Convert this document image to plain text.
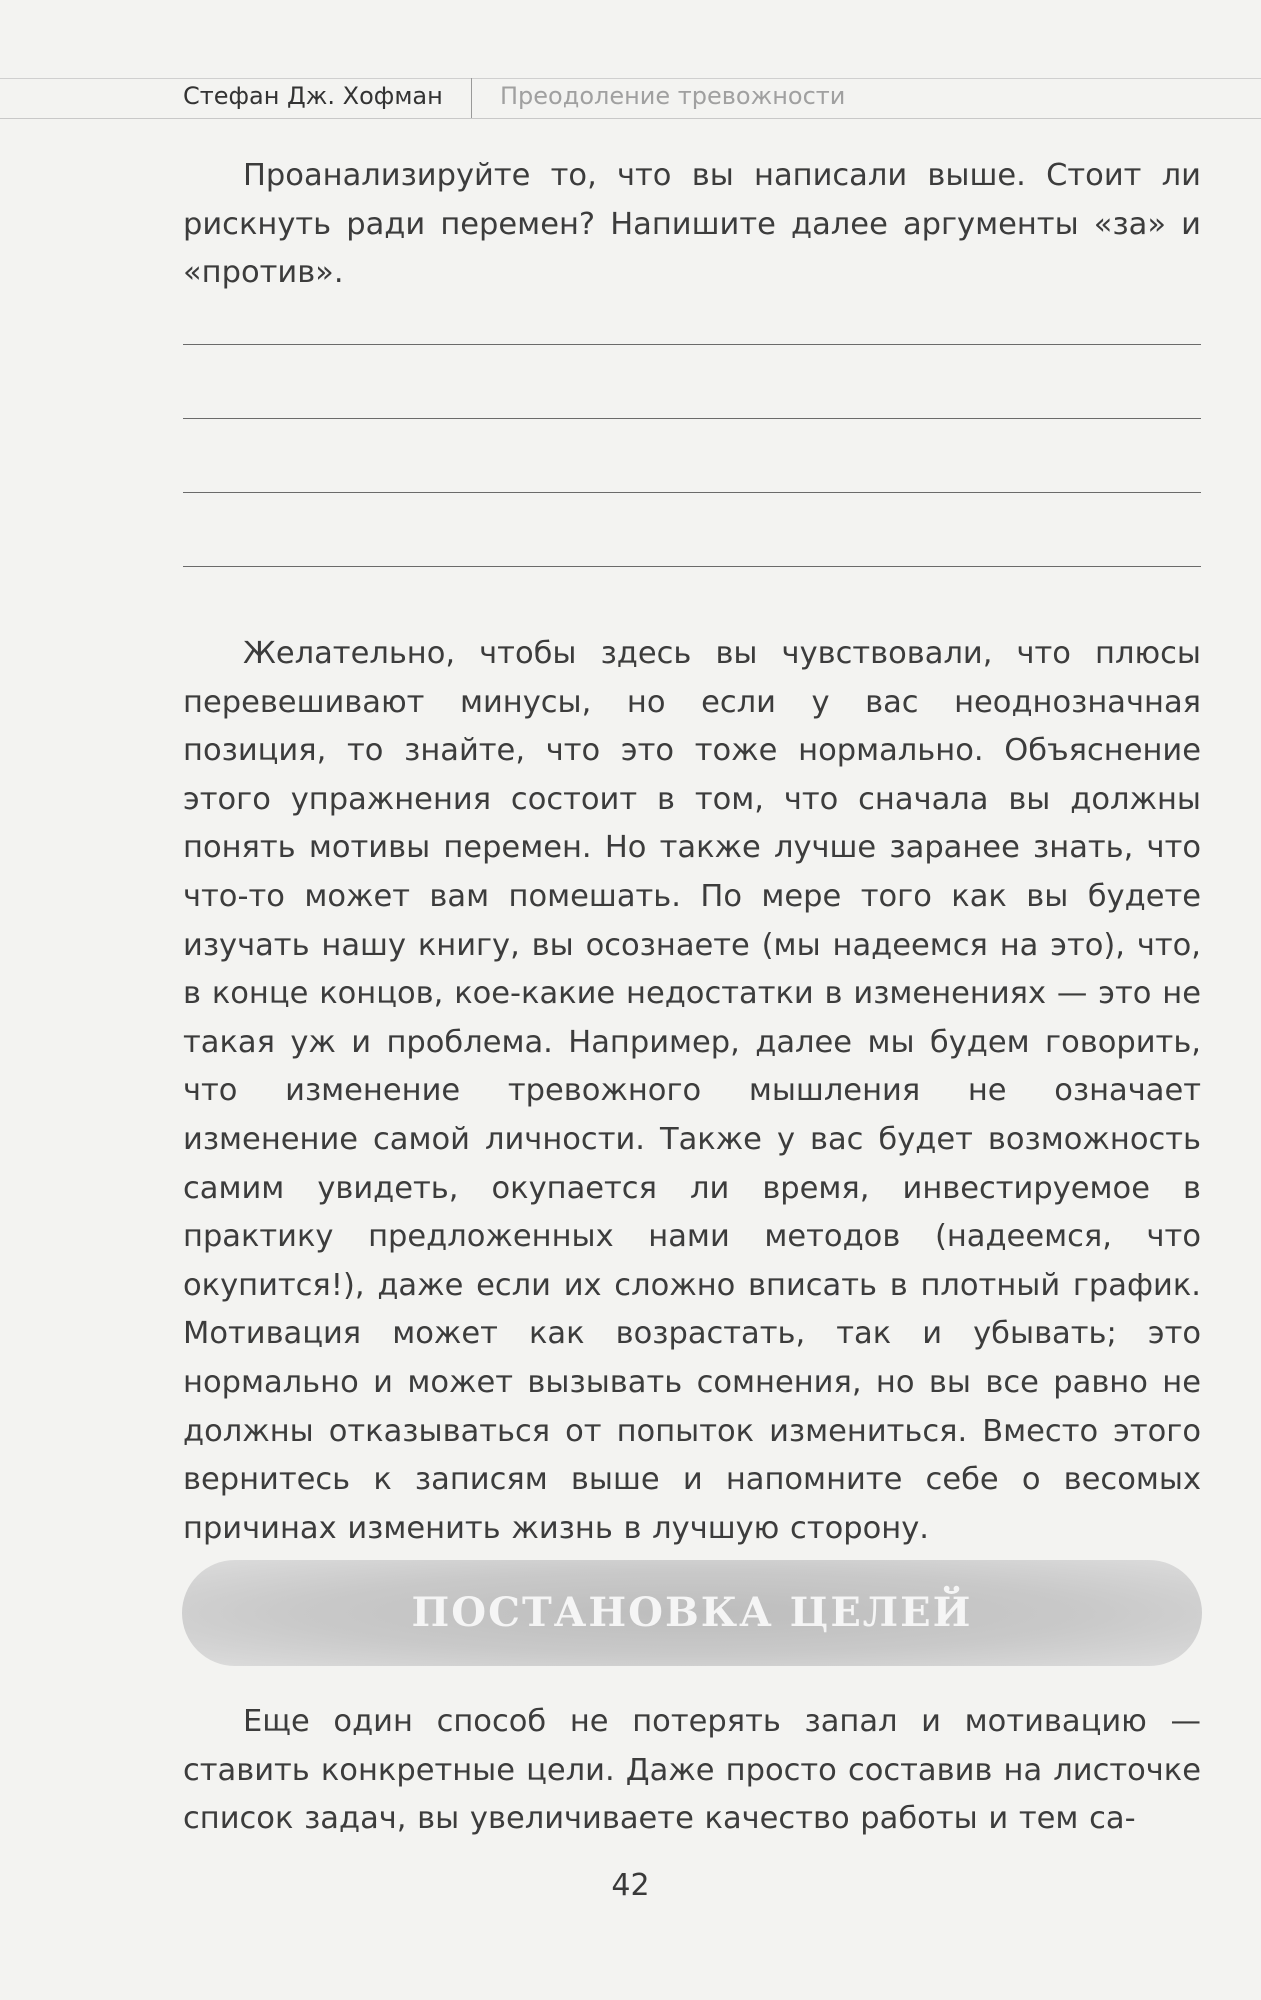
Стефан Дж. Хофман Преодоление тревожности

Проанализируйте то, что вы написали выше. Стоит ли рискнуть ради перемен? Напишите далее аргументы «за» и «против».

Желательно, чтобы здесь вы чувствовали, что плюсы перевешивают минусы, но если у вас неоднозначная позиция, то знайте, что это тоже нормально. Объяснение этого упражнения состоит в том, что сначала вы должны понять мотивы перемен. Но также лучше заранее знать, что что-то может вам помешать. По мере того как вы будете изучать нашу книгу, вы осознаете (мы надеемся на это), что, в конце концов, кое-какие недостатки в изменениях — это не такая уж и проблема. Например, далее мы будем говорить, что изменение тревожного мышления не означает изменение самой личности. Также у вас будет возможность самим увидеть, окупается ли время, инвестируемое в практику предложенных нами методов (надеемся, что окупится!), даже если их сложно вписать в плотный график. Мотивация может как возрастать, так и убывать; это нормально и может вызывать сомнения, но вы все равно не должны отказываться от попыток измениться. Вместо этого вернитесь к записям выше и напомните себе о весомых причинах изменить жизнь в лучшую сторону.

ПОСТАНОВКА ЦЕЛЕЙ

Еще один способ не потерять запал и мотивацию — ставить конкретные цели. Даже просто составив на листочке список задач, вы увеличиваете качество работы и тем са-

42
